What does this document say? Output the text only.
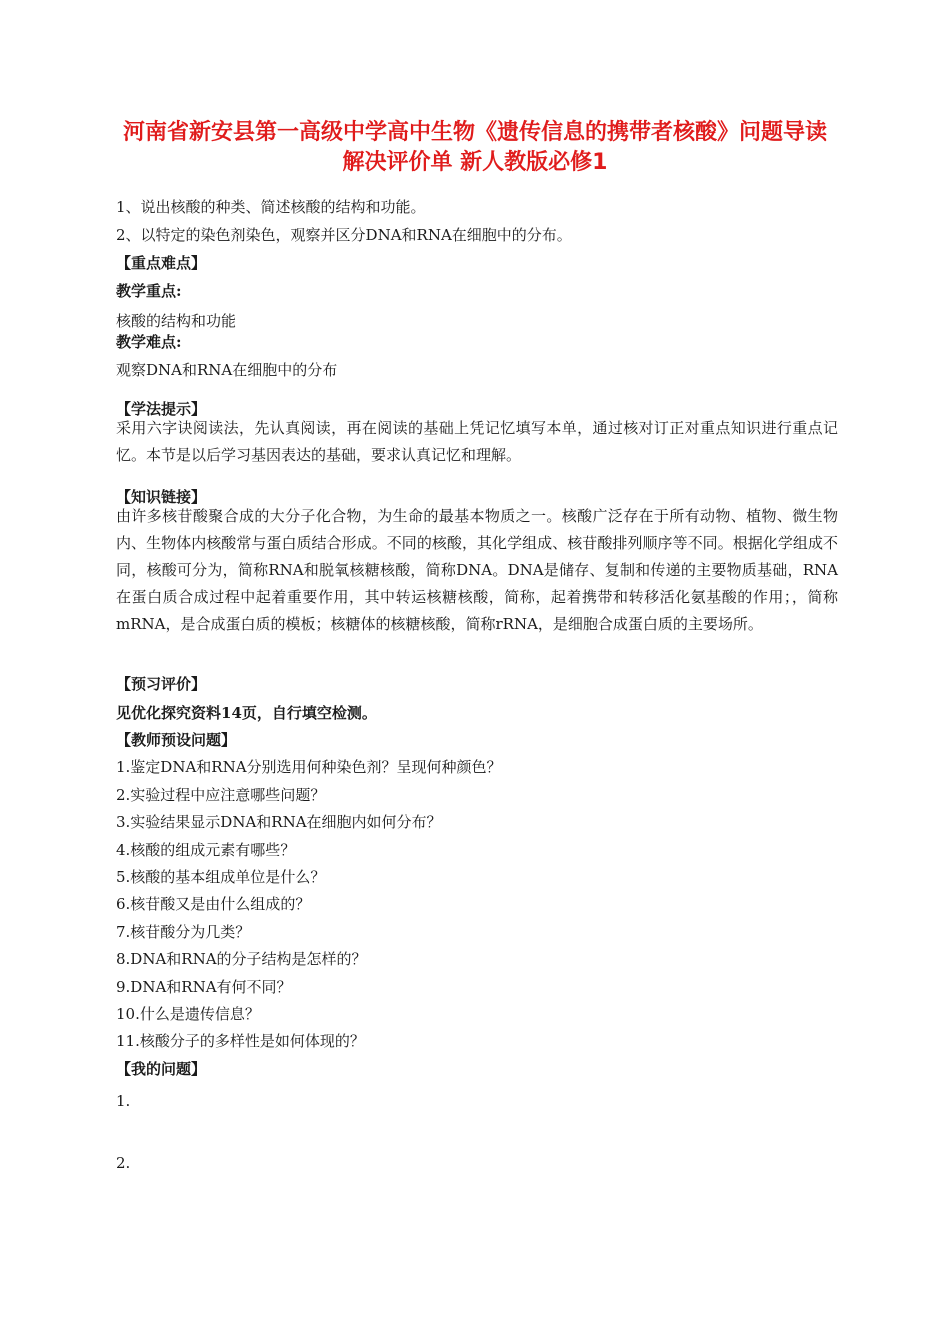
河南省新安县第一高级中学高中生物《遗传信息的携带者核酸》问题导读
解决评价单 新人教版必修1
1、说出核酸的种类、简述核酸的结构和功能。
2、以特定的染色剂染色，观察并区分DNA和RNA在细胞中的分布。
【重点难点】
教学重点:
核酸的结构和功能
教学难点:
观察DNA和RNA在细胞中的分布
【学法提示】
采用六字诀阅读法，先认真阅读，再在阅读的基础上凭记忆填写本单，通过核对订正对重点知识进行重点记忆。本节是以后学习基因表达的基础，要求认真记忆和理解。
【知识链接】
由许多核苷酸聚合成的大分子化合物，为生命的最基本物质之一。核酸广泛存在于所有动物、植物、微生物内、生物体内核酸常与蛋白质结合形成。不同的核酸，其化学组成、核苷酸排列顺序等不同。根据化学组成不同，核酸可分为，简称RNA和脱氧核糖核酸，简称DNA。DNA是储存、复制和传递的主要物质基础，RNA在蛋白质合成过程中起着重要作用，其中转运核糖核酸，简称，起着携带和转移活化氨基酸的作用；，简称mRNA，是合成蛋白质的模板；核糖体的核糖核酸，简称rRNA，是细胞合成蛋白质的主要场所。
【预习评价】
见优化探究资料14页，自行填空检测。
【教师预设问题】
1.鉴定DNA和RNA分别选用何种染色剂？呈现何种颜色？
2.实验过程中应注意哪些问题？
3.实验结果显示DNA和RNA在细胞内如何分布？
4.核酸的组成元素有哪些？
5.核酸的基本组成单位是什么？
6.核苷酸又是由什么组成的？
7.核苷酸分为几类？
8.DNA和RNA的分子结构是怎样的？
9.DNA和RNA有何不同？
10.什么是遗传信息？
11.核酸分子的多样性是如何体现的？
【我的问题】
1.
2.
